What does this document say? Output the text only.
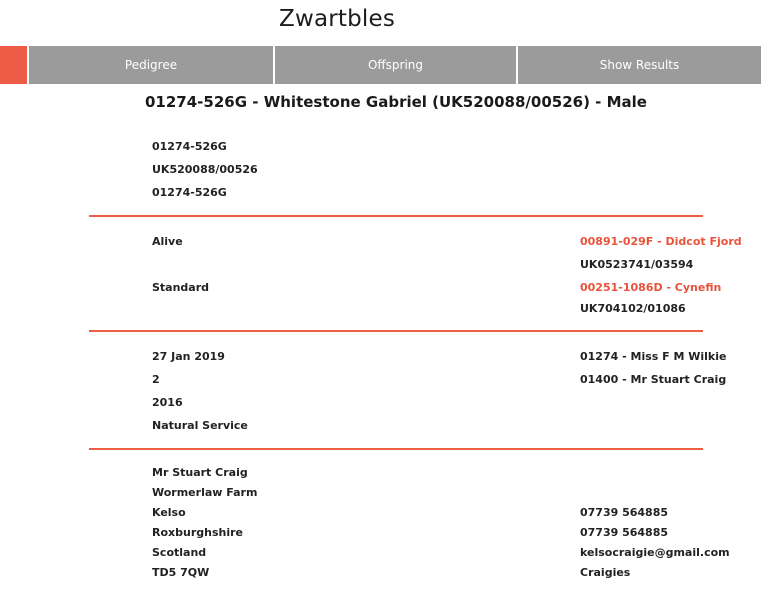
Zwartbles
Pedigree	Offspring	Show Results
01274-526G - Whitestone Gabriel (UK520088/00526) - Male
01274-526G
UK520088/00526
01274-526G
Alive	00891-029F - Didcot Fjord
UK0523741/03594
Standard	00251-1086D - Cynefin
UK704102/01086
27 Jan 2019	01274 - Miss F M Wilkie
2	01400 - Mr Stuart Craig
2016
Natural Service
Mr Stuart Craig
Wormerlaw Farm
Kelso	07739 564885
Roxburghshire	07739 564885
Scotland	kelsocraigie@gmail.com
TD5 7QW	Craigies
